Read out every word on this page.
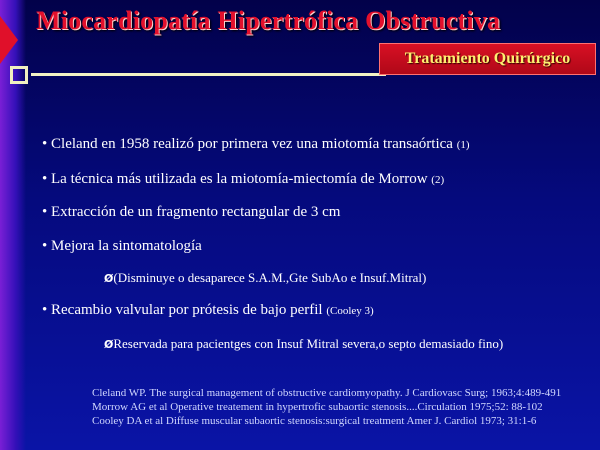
Miocardiopatía Hipertrófica Obstructiva
Tratamiento Quirúrgico
• Cleland en 1958 realizó por primera vez una miotomía transaórtica (1)
• La técnica más utilizada es la miotomía-miectomía de Morrow (2)
• Extracción de un fragmento rectangular de 3 cm
• Mejora la sintomatología
Ø(Disminuye o desaparece S.A.M.,Gte SubAo e Insuf.Mitral)
• Recambio valvular por prótesis de bajo perfil (Cooley 3)
ØReservada para pacientges con Insuf Mitral severa,o septo demasiado fino)
Cleland WP. The surgical management of obstructive cardiomyopathy. J Cardiovasc Surg; 1963;4:489-491
Morrow AG et al Operative treatement in hypertrofic subaortic stenosis....Circulation 1975;52: 88-102
Cooley DA et al Diffuse muscular subaortic stenosis:surgical treatment Amer J. Cardiol 1973; 31:1-6
